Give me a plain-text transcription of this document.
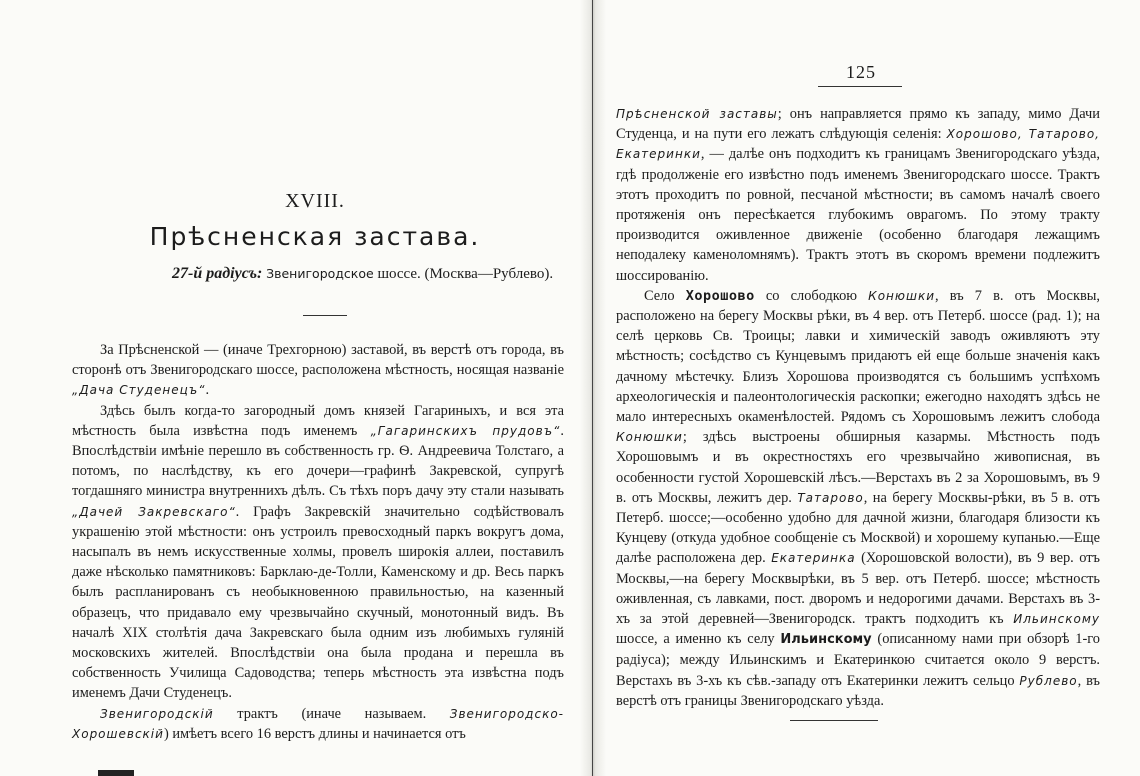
XVIII.
Прѣсненская застава.
27-й радіусъ: Звенигородское шоссе. (Москва—Рублево).

За Прѣсненской — (иначе Трехгорною) заставой, въ верстѣ отъ города, въ сторонѣ отъ Звенигородскаго шоссе, расположена мѣстность, носящая названіе „Дача Студенецъ“.

Здѣсь былъ когда-то загородный домъ князей Гагариныхъ, и вся эта мѣстность была извѣстна подъ именемъ „Гагаринскихъ прудовъ“. Впослѣдствіи имѣніе перешло въ собственность гр. Ѳ. Андреевича Толстаго, а потомъ, по наслѣдству, къ его дочери—графинѣ Закревской, супругѣ тогдашняго министра внутреннихъ дѣлъ. Съ тѣхъ поръ дачу эту стали называть „Дачей Закревскаго“. Графъ Закревскій значительно содѣйствовалъ украшенію этой мѣстности: онъ устроилъ превосходный паркъ вокругъ дома, насыпалъ въ немъ искусственные холмы, провелъ широкія аллеи, поставилъ даже нѣсколько памятниковъ: Барклаю-де-Толли, Каменскому и др. Весь паркъ былъ распланированъ съ необыкновенною правильностью, на казенный образецъ, что придавало ему чрезвычайно скучный, монотонный видъ. Въ началѣ XIX столѣтія дача Закревскаго была одним изъ любимыхъ гуляній московскихъ жителей. Впослѣдствіи она была продана и перешла въ собственность Училища Садоводства; теперь мѣстность эта извѣстна подъ именемъ Дачи Студенецъ.

Звенигородскій трактъ (иначе называем. Звенигородско-Хорошевскій) имѣетъ всего 16 верстъ длины и начинается отъ

125

Прѣсненской заставы; онъ направляется прямо къ западу, мимо Дачи Студенца, и на пути его лежатъ слѣдующія селенія: Хорошово, Татарово, Екатеринки, — далѣе онъ подходитъ къ границамъ Звенигородскаго уѣзда, гдѣ продолженіе его извѣстно подъ именемъ Звенигородскаго шоссе. Трактъ этотъ проходитъ по ровной, песчаной мѣстности; въ самомъ началѣ своего протяженія онъ пересѣкается глубокимъ оврагомъ. По этому тракту производится оживленное движеніе (особенно благодаря лежащимъ неподалеку каменоломнямъ). Трактъ этотъ въ скоромъ времени подлежитъ шоссированію.

Село Хорошово со слободкою Конюшки, въ 7 в. отъ Москвы, расположено на берегу Москвы рѣки, въ 4 вер. отъ Петерб. шоссе (рад. 1); на селѣ церковь Св. Троицы; лавки и химическій заводъ оживляютъ эту мѣстность; сосѣдство съ Кунцевымъ придаютъ ей еще больше значенія какъ дачному мѣстечку. Близъ Хорошова производятся съ большимъ успѣхомъ археологическія и палеонтологическія раскопки; ежегодно находятъ здѣсь не мало интересныхъ окаменѣлостей. Рядомъ съ Хорошовымъ лежитъ слобода Конюшки; здѣсь выстроены обширныя казармы. Мѣстность подъ Хорошовымъ и въ окрестностяхъ его чрезвычайно живописная, въ особенности густой Хорошевскій лѣсъ.—Верстахъ въ 2 за Хорошовымъ, въ 9 в. отъ Москвы, лежитъ дер. Татарово, на берегу Москвы-рѣки, въ 5 в. отъ Петерб. шоссе;—особенно удобно для дачной жизни, благодаря близости къ Кунцеву (откуда удобное сообщеніе съ Москвой) и хорошему купанью.—Еще далѣе расположена дер. Екатеринка (Хорошовской волости), въ 9 вер. отъ Москвы,—на берегу Москвырѣки, въ 5 вер. отъ Петерб. шоссе; мѣстность оживленная, съ лавками, пост. дворомъ и недорогими дачами. Верстахъ въ 3-хъ за этой деревней—Звенигородск. трактъ подходитъ къ Ильинскому шоссе, а именно къ селу Ильинскому (описанному нами при обзорѣ 1-го радіуса); между Ильинскимъ и Екатеринкою считается около 9 верстъ. Верстахъ въ 3-хъ къ сѣв.-западу отъ Екатеринки лежитъ сельцо Рублево, въ верстѣ отъ границы Звенигородскаго уѣзда.
